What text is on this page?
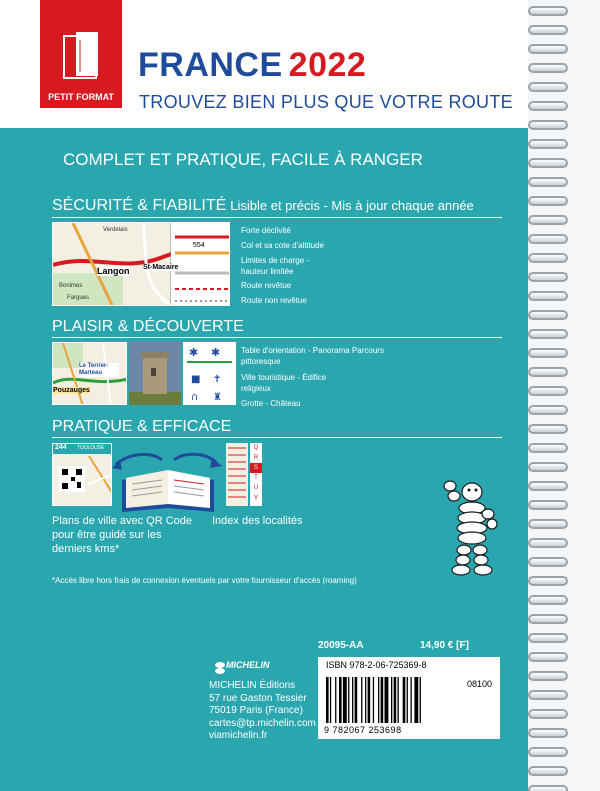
PETIT FORMAT
FRANCE 2022
TROUVEZ BIEN PLUS QUE VOTRE ROUTE
COMPLET ET PRATIQUE, FACILE À RANGER
SÉCURITÉ & FIABILITÉ Lisible et précis - Mis à jour chaque année
Langon St-Macaire
554
Verdelais
Bonimes
Fargues
Forte déclivité
Col et sa cote d'altitude
Limites de charge - hauteur limitée
Route revêtue
Route non revêtue
PLAISIR & DÉCOUVERTE
Pouzauges
Le Terrier-Marteau
✱ ✱
■ ✝
∩ ♜
Table d'orientation - Panorama Parcours pittoresque
Ville touristique - Édifice religieux
Grotte - Château
PRATIQUE & EFFICACE
244 TOULOUSE	Q
R
S
T
U
V
Plans de ville avec QR Code pour être guidé sur les derniers kms*
Index des localités
*Accès libre hors frais de connexion éventuels par votre fournisseur d'accès (roaming)
20095-AA	14,90 € [F]
MICHELIN
MICHELIN Éditions
57 rue Gaston Tessier
75019 Paris (France)
cartes@tp.michelin.com
viamichelin.fr
ISBN 978-2-06-725369-8
08100
9 782067 253698
